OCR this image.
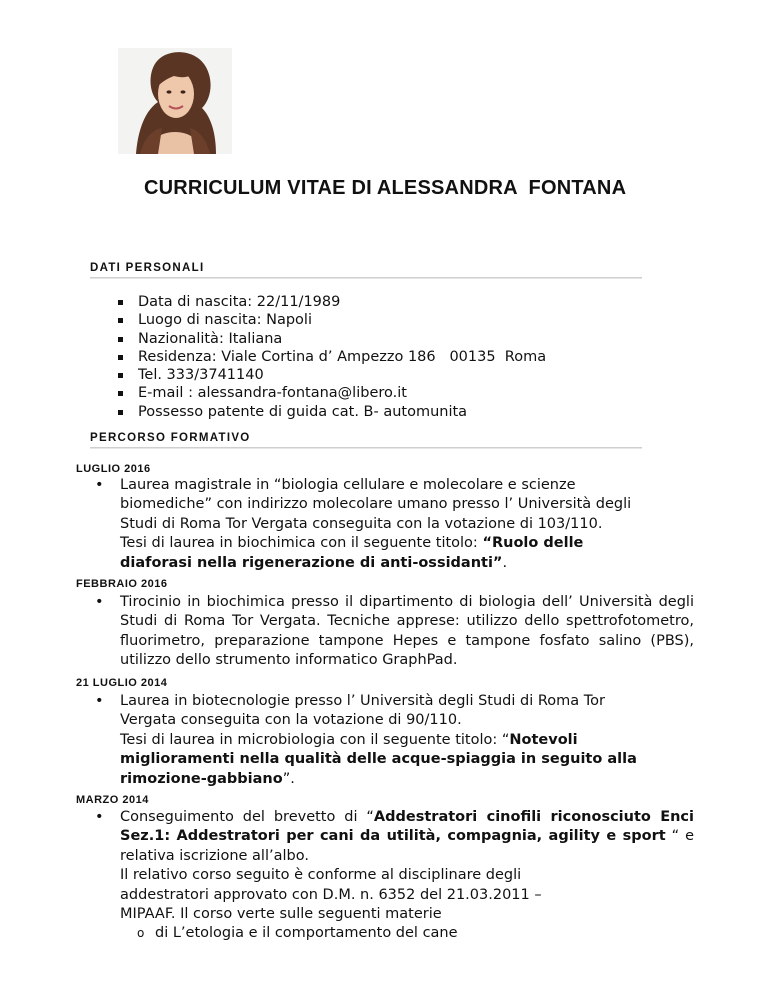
CURRICULUM VITAE DI ALESSANDRA  FONTANA
DATI PERSONALI
Data di nascita: 22/11/1989
Luogo di nascita: Napoli
Nazionalità: Italiana
Residenza: Viale Cortina d’ Ampezzo 186   00135  Roma
Tel. 333/3741140
E-mail : alessandra-fontana@libero.it
Possesso patente di guida cat. B- automunita
PERCORSO FORMATIVO
LUGLIO 2016
• Laurea magistrale in “biologia cellulare e molecolare e scienze biomediche” con indirizzo molecolare umano presso l’ Università degli Studi di Roma Tor Vergata conseguita con la votazione di 103/110.
Tesi di laurea in biochimica con il seguente titolo: “Ruolo delle diaforasi nella rigenerazione di anti-ossidanti”.
FEBBRAIO 2016
• Tirocinio in biochimica presso il dipartimento di biologia dell’ Università degli Studi di Roma Tor Vergata. Tecniche apprese: utilizzo dello spettrofotometro, fluorimetro, preparazione tampone Hepes e tampone fosfato salino (PBS), utilizzo dello strumento informatico GraphPad.
21 LUGLIO 2014
• Laurea in biotecnologie presso l’ Università degli Studi di Roma Tor Vergata conseguita con la votazione di 90/110.
Tesi di laurea in microbiologia con il seguente titolo: “Notevoli miglioramenti nella qualità delle acque-spiaggia in seguito alla rimozione-gabbiano”.
MARZO 2014
• Conseguimento del brevetto di “Addestratori cinofili riconosciuto Enci Sez.1: Addestratori per cani da utilità, compagnia, agility e sport “ e relativa iscrizione all’albo.
Il relativo corso seguito è conforme al disciplinare degli addestratori approvato con D.M. n. 6352 del 21.03.2011 – MIPAAF. Il corso verte sulle seguenti materie
o di L’etologia e il comportamento del cane
